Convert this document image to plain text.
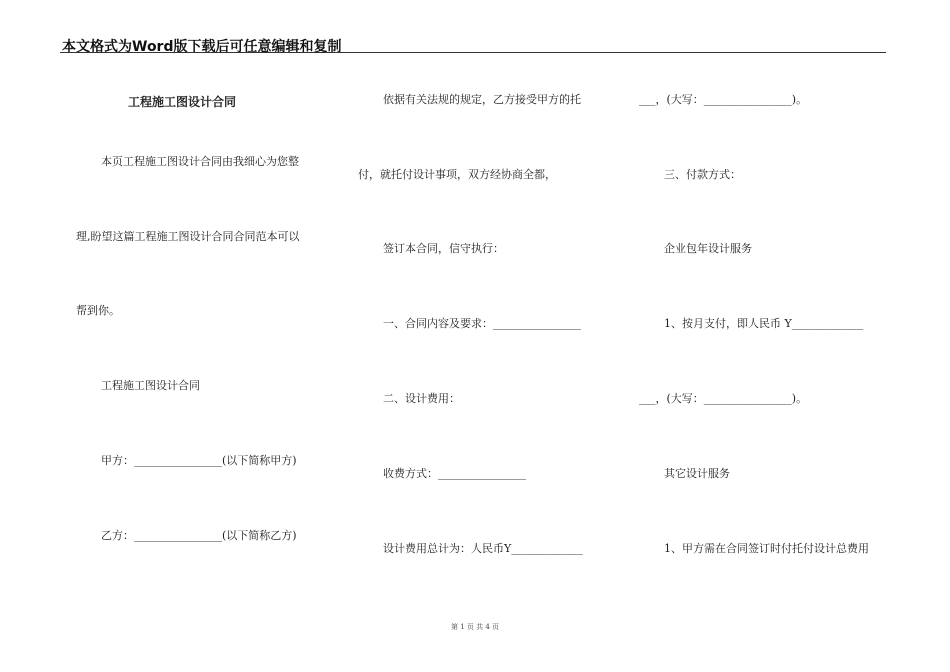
本文格式为Word版下载后可任意编辑和复制
工程施工图设计合同
本页工程施工图设计合同由我细心为您整
理,盼望这篇工程施工图设计合同合同范本可以
帮到你。
工程施工图设计合同
甲方：________________(以下简称甲方)
乙方：________________(以下简称乙方)
依据有关法规的规定，乙方接受甲方的托
付，就托付设计事项，双方经协商全都，
签订本合同，信守执行：
一、合同内容及要求：________________
二、设计费用：
收费方式：________________
设计费用总计为：人民币Y_____________
___，(大写：________________)。
三、付款方式：
企业包年设计服务
1、按月支付，即人民币 Y_____________
___，(大写：________________)。
其它设计服务
1、甲方需在合同签订时付托付设计总费用
第 1 页 共 4 页
